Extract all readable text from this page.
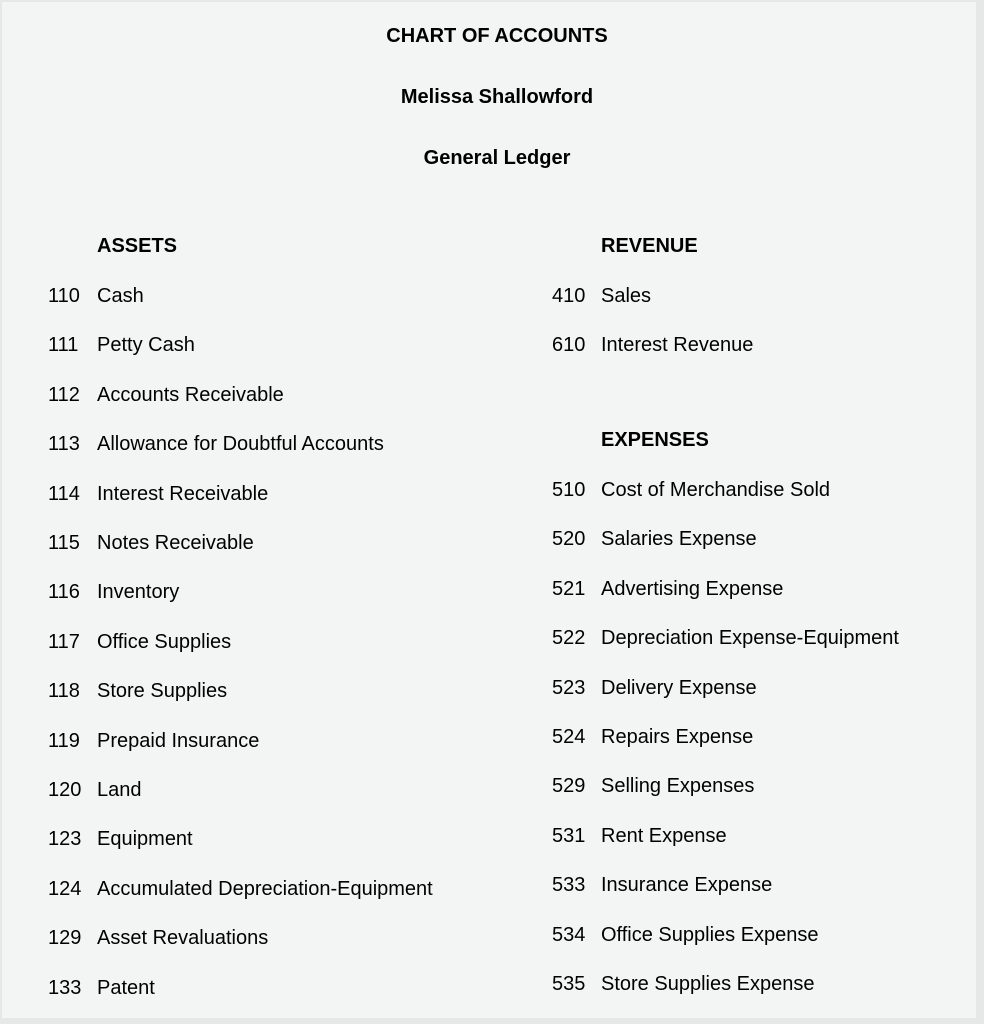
CHART OF ACCOUNTS
Melissa Shallowford
General Ledger
ASSETS
110 Cash
111 Petty Cash
112 Accounts Receivable
113 Allowance for Doubtful Accounts
114 Interest Receivable
115 Notes Receivable
116 Inventory
117 Office Supplies
118 Store Supplies
119 Prepaid Insurance
120 Land
123 Equipment
124 Accumulated Depreciation-Equipment
129 Asset Revaluations
133 Patent
REVENUE
410 Sales
610 Interest Revenue
EXPENSES
510 Cost of Merchandise Sold
520 Salaries Expense
521 Advertising Expense
522 Depreciation Expense-Equipment
523 Delivery Expense
524 Repairs Expense
529 Selling Expenses
531 Rent Expense
533 Insurance Expense
534 Office Supplies Expense
535 Store Supplies Expense
